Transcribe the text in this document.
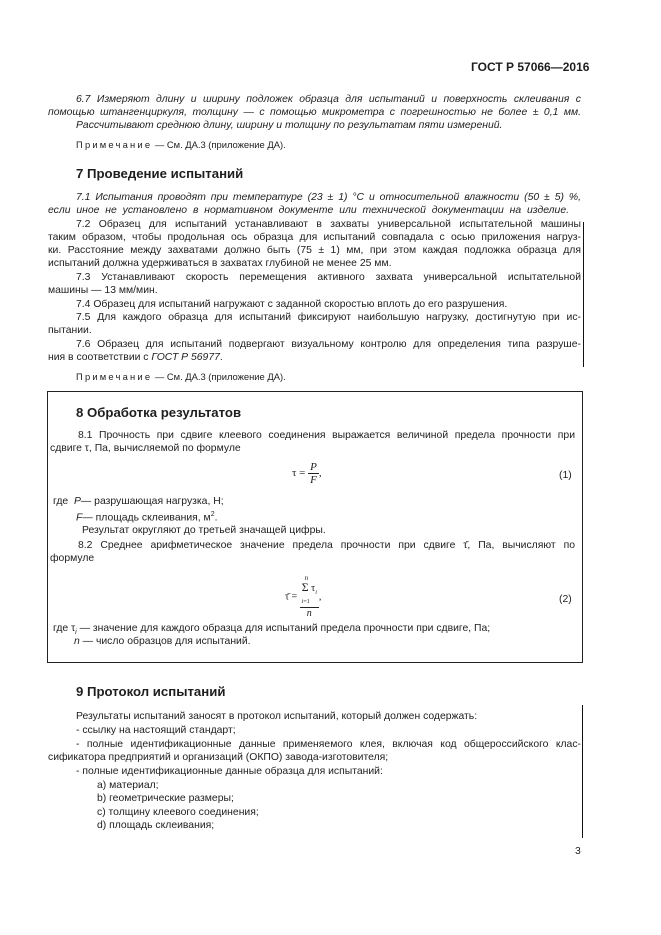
ГОСТ Р 57066—2016
6.7 Измеряют длину и ширину подложек образца для испытаний и поверхность склеивания с
помощью штангенциркуля, толщину — с помощью микрометра с погрешностью не более ± 0,1 мм.
Рассчитывают среднюю длину, ширину и толщину по результатам пяти измерений.
Примечание — См. ДА.3 (приложение ДА).
7 Проведение испытаний
7.1 Испытания проводят при температуре (23 ± 1) °С и относительной влажности (50 ± 5) %,
если иное не установлено в нормативном документе или технической документации на изделие.
7.2 Образец для испытаний устанавливают в захваты универсальной испытательной машины
таким образом, чтобы продольная ось образца для испытаний совпадала с осью приложения нагруз-
ки. Расстояние между захватами должно быть (75 ± 1) мм, при этом каждая подложка образца для
испытаний должна удерживаться в захватах глубиной не менее 25 мм.
7.3 Устанавливают скорость перемещения активного захвата универсальной испытательной
машины — 13 мм/мин.
7.4 Образец для испытаний нагружают с заданной скоростью вплоть до его разрушения.
7.5 Для каждого образца для испытаний фиксируют наибольшую нагрузку, достигнутую при ис-
пытании.
7.6 Образец для испытаний подвергают визуальному контролю для определения типа разруше-
ния в соответствии с ГОСТ Р 56977.
Примечание — См. ДА.3 (приложение ДА).
8 Обработка результатов
8.1 Прочность при сдвиге клеевого соединения выражается величиной предела прочности при
сдвиге τ, Па, вычисляемой по формуле
$\tau = \frac{P}{F}$ ,	(1)
где P— разрушающая нагрузка, Н;
F— площадь склеивания, $м^2$.
Результат округляют до третьей значащей цифры.
8.2 Среднее арифметическое значение предела прочности при сдвиге τ̄, Па, вычисляют по
формуле
τ̄ = n
Σ $\tau_i$
i=1
n ,	(2)
где $\tau_i$ — значение для каждого образца для испытаний предела прочности при сдвиге, Па;
n — число образцов для испытаний.
9 Протокол испытаний
Результаты испытаний заносят в протокол испытаний, который должен содержать:
- ссылку на настоящий стандарт;
- полные идентификационные данные применяемого клея, включая код общероссийского клас-
сификатора предприятий и организаций (ОКПО) завода-изготовителя;
- полные идентификационные данные образца для испытаний:
a) материал;
b) геометрические размеры;
c) толщину клеевого соединения;
d) площадь склеивания;
3
